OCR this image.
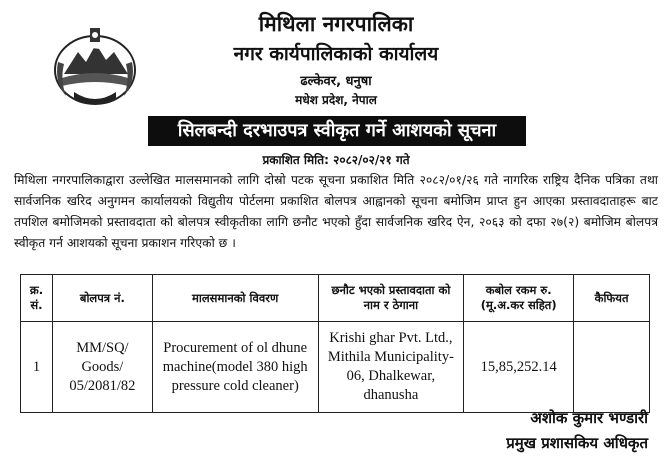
मिथिला नगरपालिका
नगर कार्यपालिकाको कार्यालय
ढल्केवर, धनुषा
मधेश प्रदेश, नेपाल
सिलबन्दी दरभाउपत्र स्वीकृत गर्ने आशयको सूचना
प्रकाशित मिति: २०८२/०२/२१ गते
मिथिला नगरपालिकाद्वारा उल्लेखित मालसमानको लागि दोस्रो पटक सूचना प्रकाशित मिति २०८२/०१/२६ गते नागरिक राष्ट्रिय दैनिक पत्रिका तथा सार्वजनिक खरिद अनुगमन कार्यालयको विद्युतीय पोर्टलमा प्रकाशित बोलपत्र आह्वानको सूचना बमोजिम प्राप्त हुन आएका प्रस्तावदाताहरू बाट तपशिल बमोजिमको प्रस्तावदाता को बोलपत्र स्वीकृतीका लागि छनौट भएको हुँदा सार्वजनिक खरिद ऐन, २०६३ को दफा २७(२) बमोजिम बोलपत्र स्वीकृत गर्न आशयको सूचना प्रकाशन गरिएको छ ।
क्र. सं.	बोलपत्र नं.	मालसमानको विवरण	छनौट भएको प्रस्तावदाता को नाम र ठेगाना	कबोल रकम रु. (मू.अ.कर सहित)	कैफियत
1	MM/SQ/ Goods/ 05/2081/82	Procurement of ol dhune machine(model 380 high pressure cold cleaner)	Krishi ghar Pvt. Ltd., Mithila Municipality-06, Dhalkewar, dhanusha	15,85,252.14	
अशोक कुमार भण्डारी
प्रमुख प्रशासकिय अधिकृत
